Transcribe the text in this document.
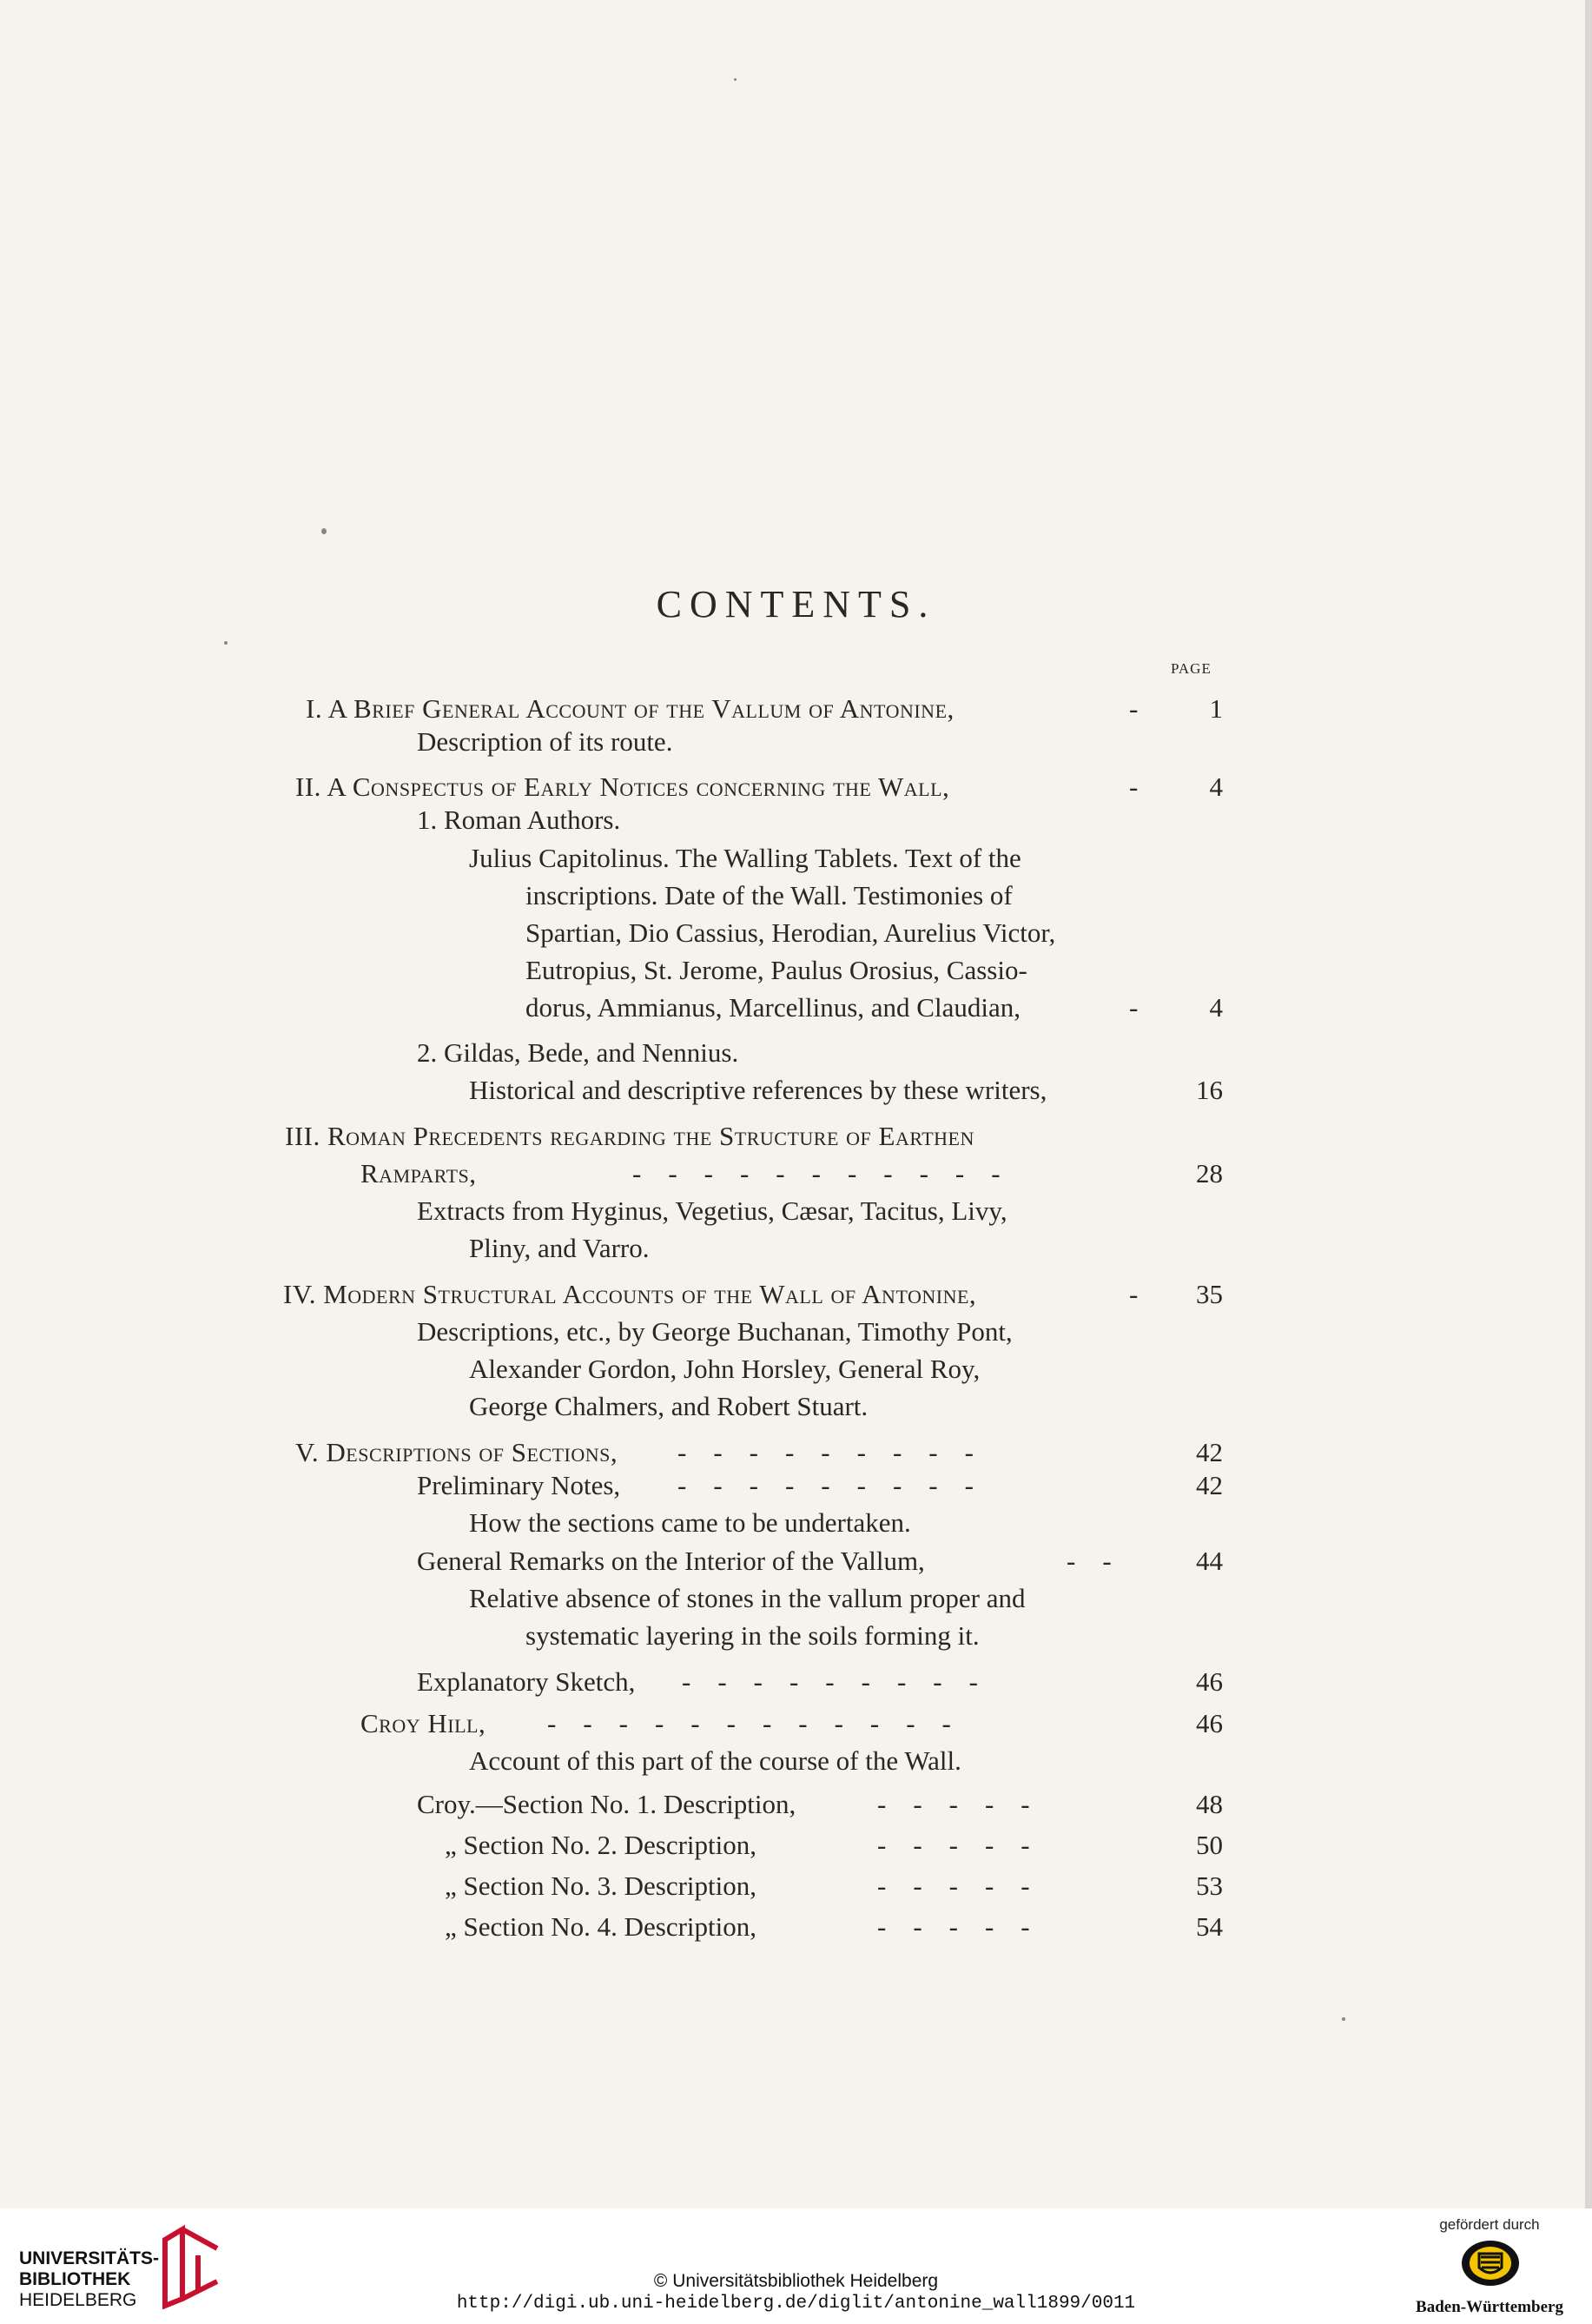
CONTENTS.
PAGE
I. A Brief General Account of the Vallum of Antonine,	-	1
Description of its route.
II. A Conspectus of Early Notices concerning the Wall,	-	4
1. Roman Authors.
Julius Capitolinus. The Walling Tablets. Text of the
inscriptions. Date of the Wall. Testimonies of
Spartian, Dio Cassius, Herodian, Aurelius Victor,
Eutropius, St. Jerome, Paulus Orosius, Cassio-
dorus, Ammianus, Marcellinus, and Claudian,	-	4
2. Gildas, Bede, and Nennius.
Historical and descriptive references by these writers,	16
III. Roman Precedents regarding the Structure of Earthen
Ramparts,	-    -    -    -    -    -    -    -    -    -    -	28
Extracts from Hyginus, Vegetius, Cæsar, Tacitus, Livy,
Pliny, and Varro.
IV. Modern Structural Accounts of the Wall of Antonine,	-	35
Descriptions, etc., by George Buchanan, Timothy Pont,
Alexander Gordon, John Horsley, General Roy,
George Chalmers, and Robert Stuart.
V. Descriptions of Sections, -    -    -    -    -    -    -    -    -	42
Preliminary Notes, -    -    -    -    -    -    -    -    -	42
How the sections came to be undertaken.
General Remarks on the Interior of the Vallum,	-    -	44
Relative absence of stones in the vallum proper and
systematic layering in the soils forming it.
Explanatory Sketch, -    -    -    -    -    -    -    -    -	46
Croy Hill, -    -    -    -    -    -    -    -    -    -    -    -	46
Account of this part of the course of the Wall.
Croy.—Section No. 1. Description,	-    -    -    -    -	48
„ Section No. 2. Description,	-    -    -    -    -	50
„ Section No. 3. Description,	-    -    -    -    -	53
„ Section No. 4. Description,	-    -    -    -    -	54
UNIVERSITÄTS-
BIBLIOTHEK
HEIDELBERG
© Universitätsbibliothek Heidelberg
http://digi.ub.uni-heidelberg.de/diglit/antonine_wall1899/0011
gefördert durch
Baden-Württemberg
